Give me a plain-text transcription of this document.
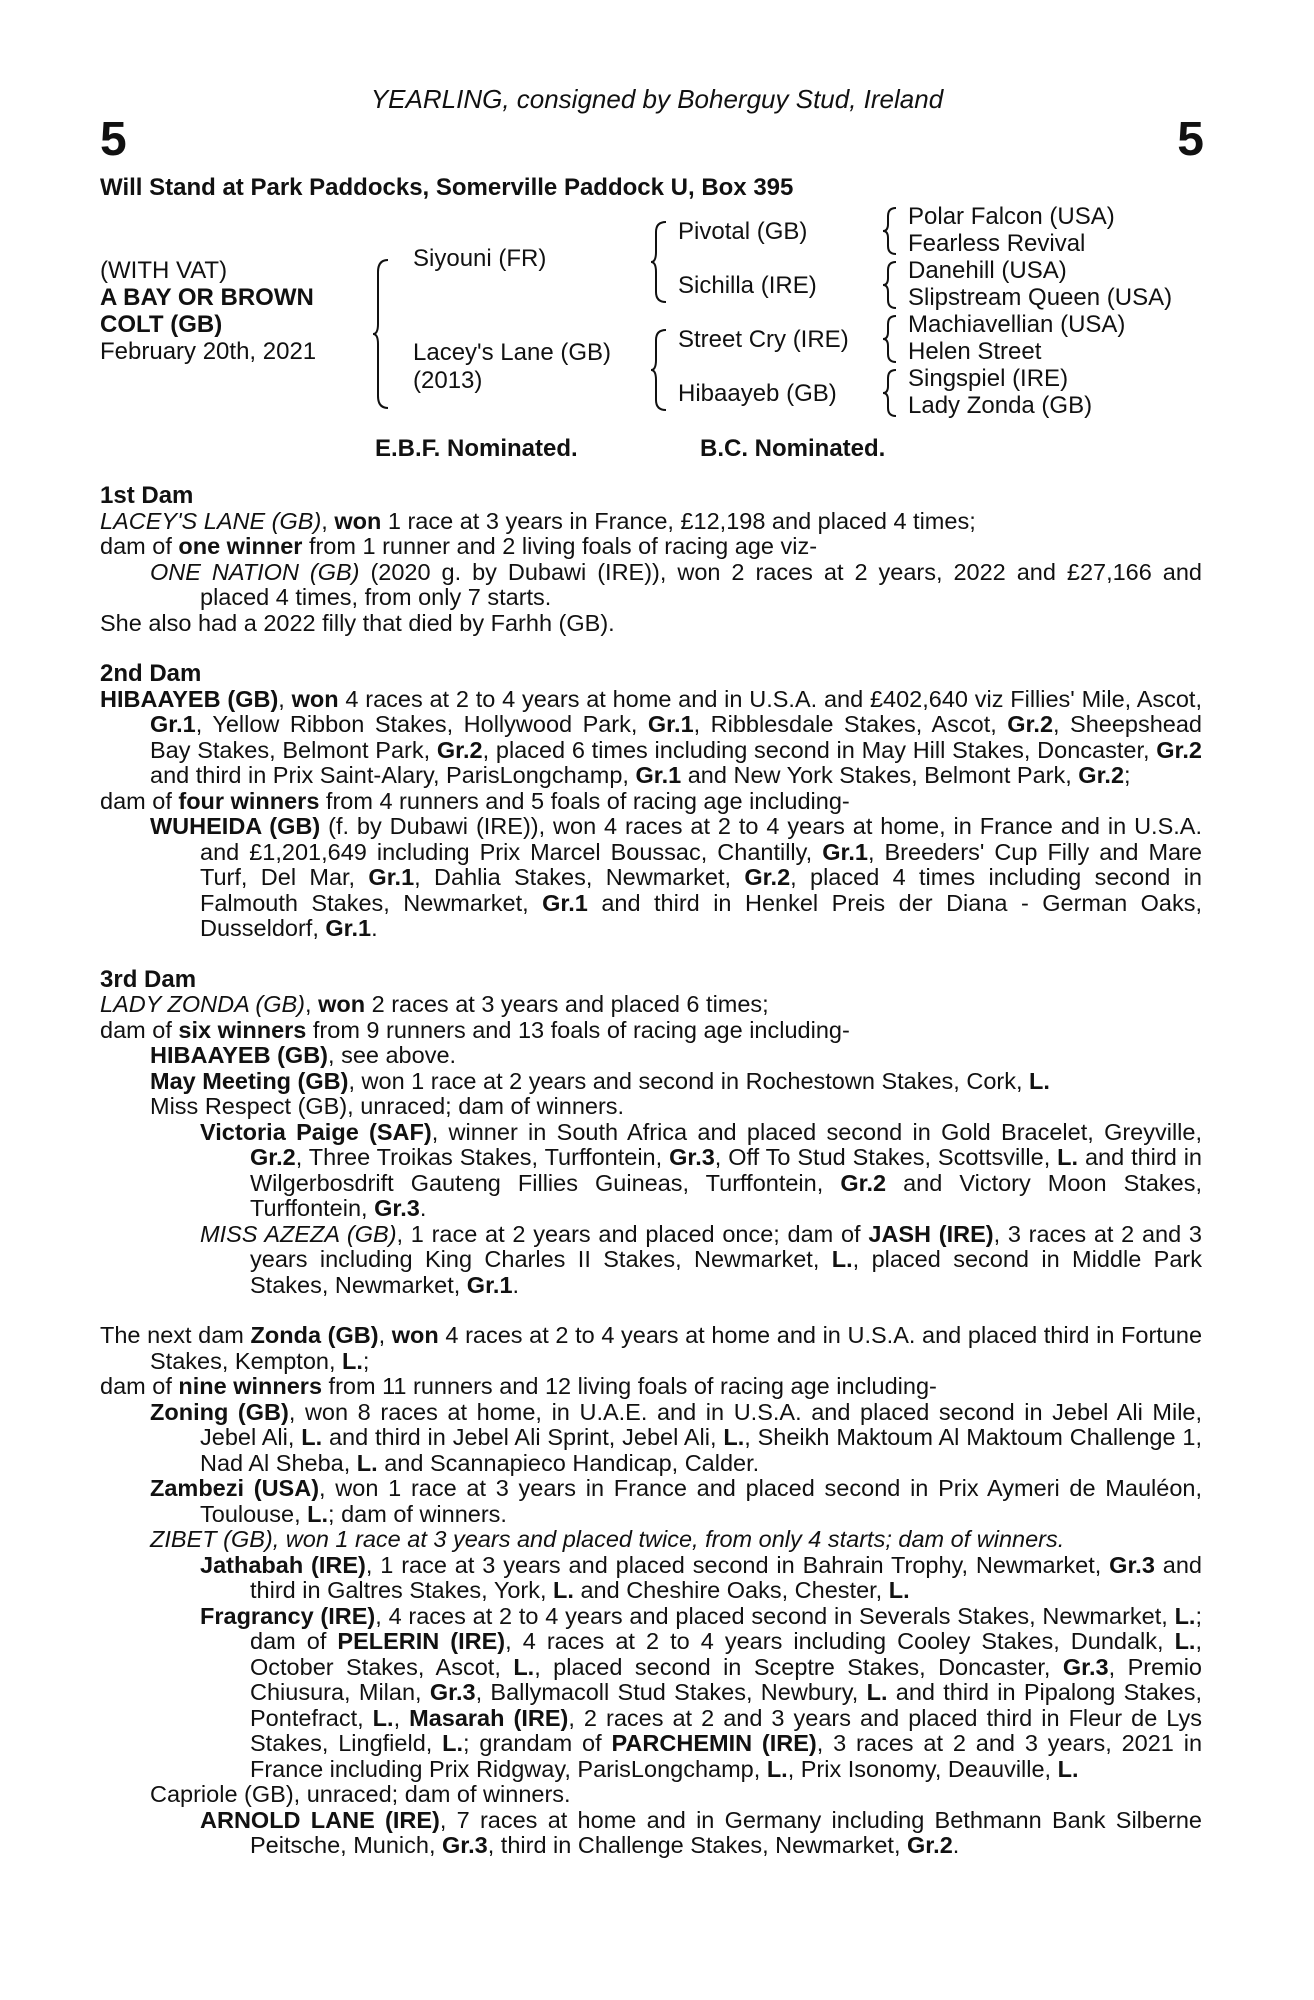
YEARLING, consigned by Boherguy Stud, Ireland
5	5
Will Stand at Park Paddocks, Somerville Paddock U, Box 395
(WITH VAT)
A BAY OR BROWN
COLT (GB)
February 20th, 2021
Siyouni (FR)
Lacey's Lane (GB)
(2013)
Pivotal (GB)
Sichilla (IRE)
Street Cry (IRE)
Hibaayeb (GB)
Polar Falcon (USA)
Fearless Revival
Danehill (USA)
Slipstream Queen (USA)
Machiavellian (USA)
Helen Street
Singspiel (IRE)
Lady Zonda (GB)
E.B.F. Nominated.	B.C. Nominated.

1st Dam

LACEY'S LANE (GB), won 1 race at 3 years in France, £12,198 and placed 4 times;

dam of one winner from 1 runner and 2 living foals of racing age viz-

ONE NATION (GB) (2020 g. by Dubawi (IRE)), won 2 races at 2 years, 2022 and £27,166 and placed 4 times, from only 7 starts.

She also had a 2022 filly that died by Farhh (GB).

2nd Dam

HIBAAYEB (GB), won 4 races at 2 to 4 years at home and in U.S.A. and £402,640 viz Fillies' Mile, Ascot, Gr.1, Yellow Ribbon Stakes, Hollywood Park, Gr.1, Ribblesdale Stakes, Ascot, Gr.2, Sheepshead Bay Stakes, Belmont Park, Gr.2, placed 6 times including second in May Hill Stakes, Doncaster, Gr.2 and third in Prix Saint-Alary, ParisLongchamp, Gr.1 and New York Stakes, Belmont Park, Gr.2;

dam of four winners from 4 runners and 5 foals of racing age including-

WUHEIDA (GB) (f. by Dubawi (IRE)), won 4 races at 2 to 4 years at home, in France and in U.S.A. and £1,201,649 including Prix Marcel Boussac, Chantilly, Gr.1, Breeders' Cup Filly and Mare Turf, Del Mar, Gr.1, Dahlia Stakes, Newmarket, Gr.2, placed 4 times including second in Falmouth Stakes, Newmarket, Gr.1 and third in Henkel Preis der Diana - German Oaks, Dusseldorf, Gr.1.

3rd Dam

LADY ZONDA (GB), won 2 races at 3 years and placed 6 times;

dam of six winners from 9 runners and 13 foals of racing age including-

HIBAAYEB (GB), see above.

May Meeting (GB), won 1 race at 2 years and second in Rochestown Stakes, Cork, L.

Miss Respect (GB), unraced; dam of winners.

Victoria Paige (SAF), winner in South Africa and placed second in Gold Bracelet, Greyville, Gr.2, Three Troikas Stakes, Turffontein, Gr.3, Off To Stud Stakes, Scottsville, L. and third in Wilgerbosdrift Gauteng Fillies Guineas, Turffontein, Gr.2 and Victory Moon Stakes, Turffontein, Gr.3.

MISS AZEZA (GB), 1 race at 2 years and placed once; dam of JASH (IRE), 3 races at 2 and 3 years including King Charles II Stakes, Newmarket, L., placed second in Middle Park Stakes, Newmarket, Gr.1.

The next dam Zonda (GB), won 4 races at 2 to 4 years at home and in U.S.A. and placed third in Fortune Stakes, Kempton, L.;

dam of nine winners from 11 runners and 12 living foals of racing age including-

Zoning (GB), won 8 races at home, in U.A.E. and in U.S.A. and placed second in Jebel Ali Mile, Jebel Ali, L. and third in Jebel Ali Sprint, Jebel Ali, L., Sheikh Maktoum Al Maktoum Challenge 1, Nad Al Sheba, L. and Scannapieco Handicap, Calder.

Zambezi (USA), won 1 race at 3 years in France and placed second in Prix Aymeri de Mauléon, Toulouse, L.; dam of winners.

ZIBET (GB), won 1 race at 3 years and placed twice, from only 4 starts; dam of winners.

Jathabah (IRE), 1 race at 3 years and placed second in Bahrain Trophy, Newmarket, Gr.3 and third in Galtres Stakes, York, L. and Cheshire Oaks, Chester, L.

Fragrancy (IRE), 4 races at 2 to 4 years and placed second in Severals Stakes, Newmarket, L.; dam of PELERIN (IRE), 4 races at 2 to 4 years including Cooley Stakes, Dundalk, L., October Stakes, Ascot, L., placed second in Sceptre Stakes, Doncaster, Gr.3, Premio Chiusura, Milan, Gr.3, Ballymacoll Stud Stakes, Newbury, L. and third in Pipalong Stakes, Pontefract, L., Masarah (IRE), 2 races at 2 and 3 years and placed third in Fleur de Lys Stakes, Lingfield, L.; grandam of PARCHEMIN (IRE), 3 races at 2 and 3 years, 2021 in France including Prix Ridgway, ParisLongchamp, L., Prix Isonomy, Deauville, L.

Capriole (GB), unraced; dam of winners.

ARNOLD LANE (IRE), 7 races at home and in Germany including Bethmann Bank Silberne Peitsche, Munich, Gr.3, third in Challenge Stakes, Newmarket, Gr.2.
